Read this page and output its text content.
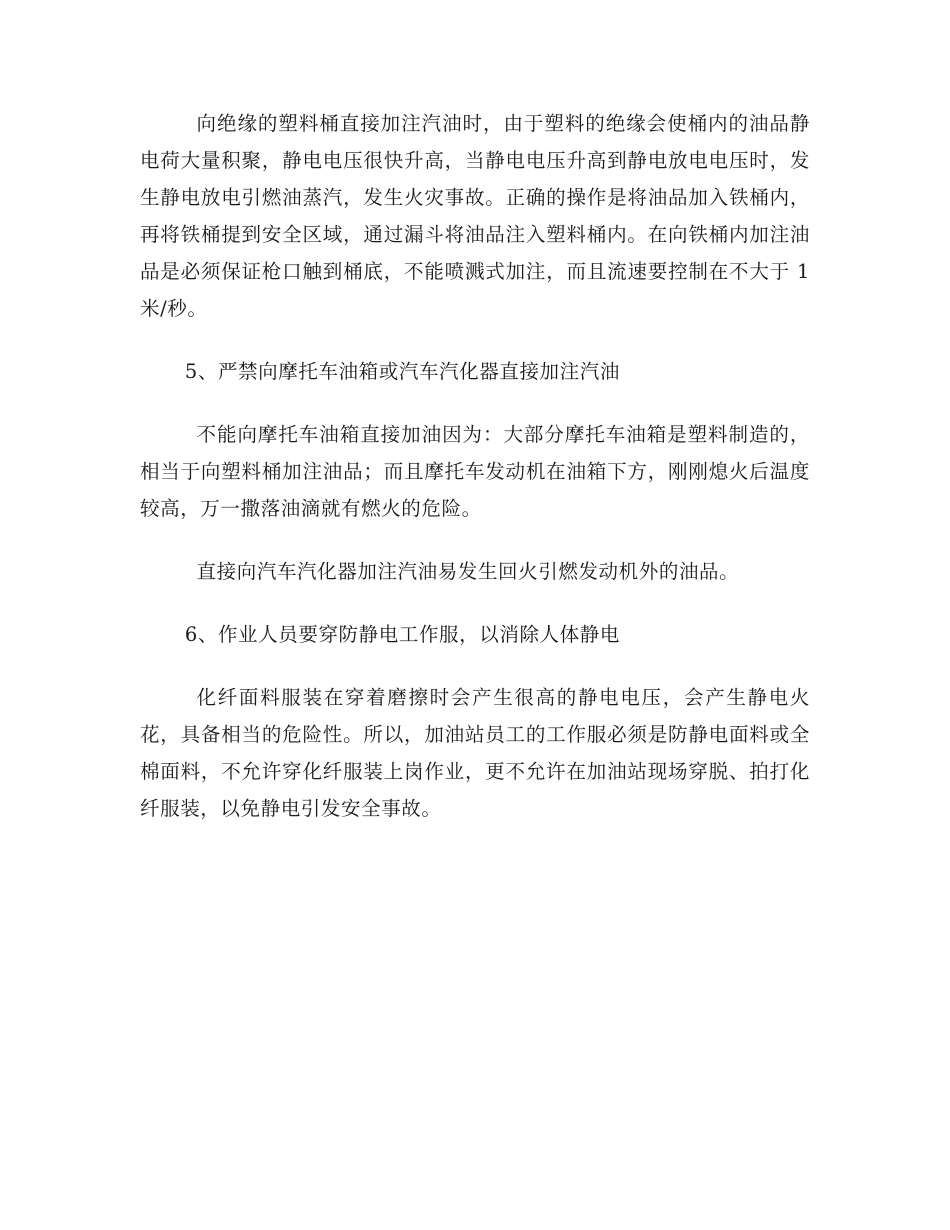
向绝缘的塑料桶直接加注汽油时，由于塑料的绝缘会使桶内的油品静电荷大量积聚，静电电压很快升高，当静电电压升高到静电放电电压时，发生静电放电引燃油蒸汽，发生火灾事故。正确的操作是将油品加入铁桶内，再将铁桶提到安全区域，通过漏斗将油品注入塑料桶内。在向铁桶内加注油品是必须保证枪口触到桶底，不能喷溅式加注，而且流速要控制在不大于 1 米/秒。

5、严禁向摩托车油箱或汽车汽化器直接加注汽油

不能向摩托车油箱直接加油因为：大部分摩托车油箱是塑料制造的，相当于向塑料桶加注油品；而且摩托车发动机在油箱下方，刚刚熄火后温度较高，万一撒落油滴就有燃火的危险。

直接向汽车汽化器加注汽油易发生回火引燃发动机外的油品。

6、作业人员要穿防静电工作服，以消除人体静电

化纤面料服装在穿着磨擦时会产生很高的静电电压，会产生静电火花，具备相当的危险性。所以，加油站员工的工作服必须是防静电面料或全棉面料，不允许穿化纤服装上岗作业，更不允许在加油站现场穿脱、拍打化纤服装，以免静电引发安全事故。
